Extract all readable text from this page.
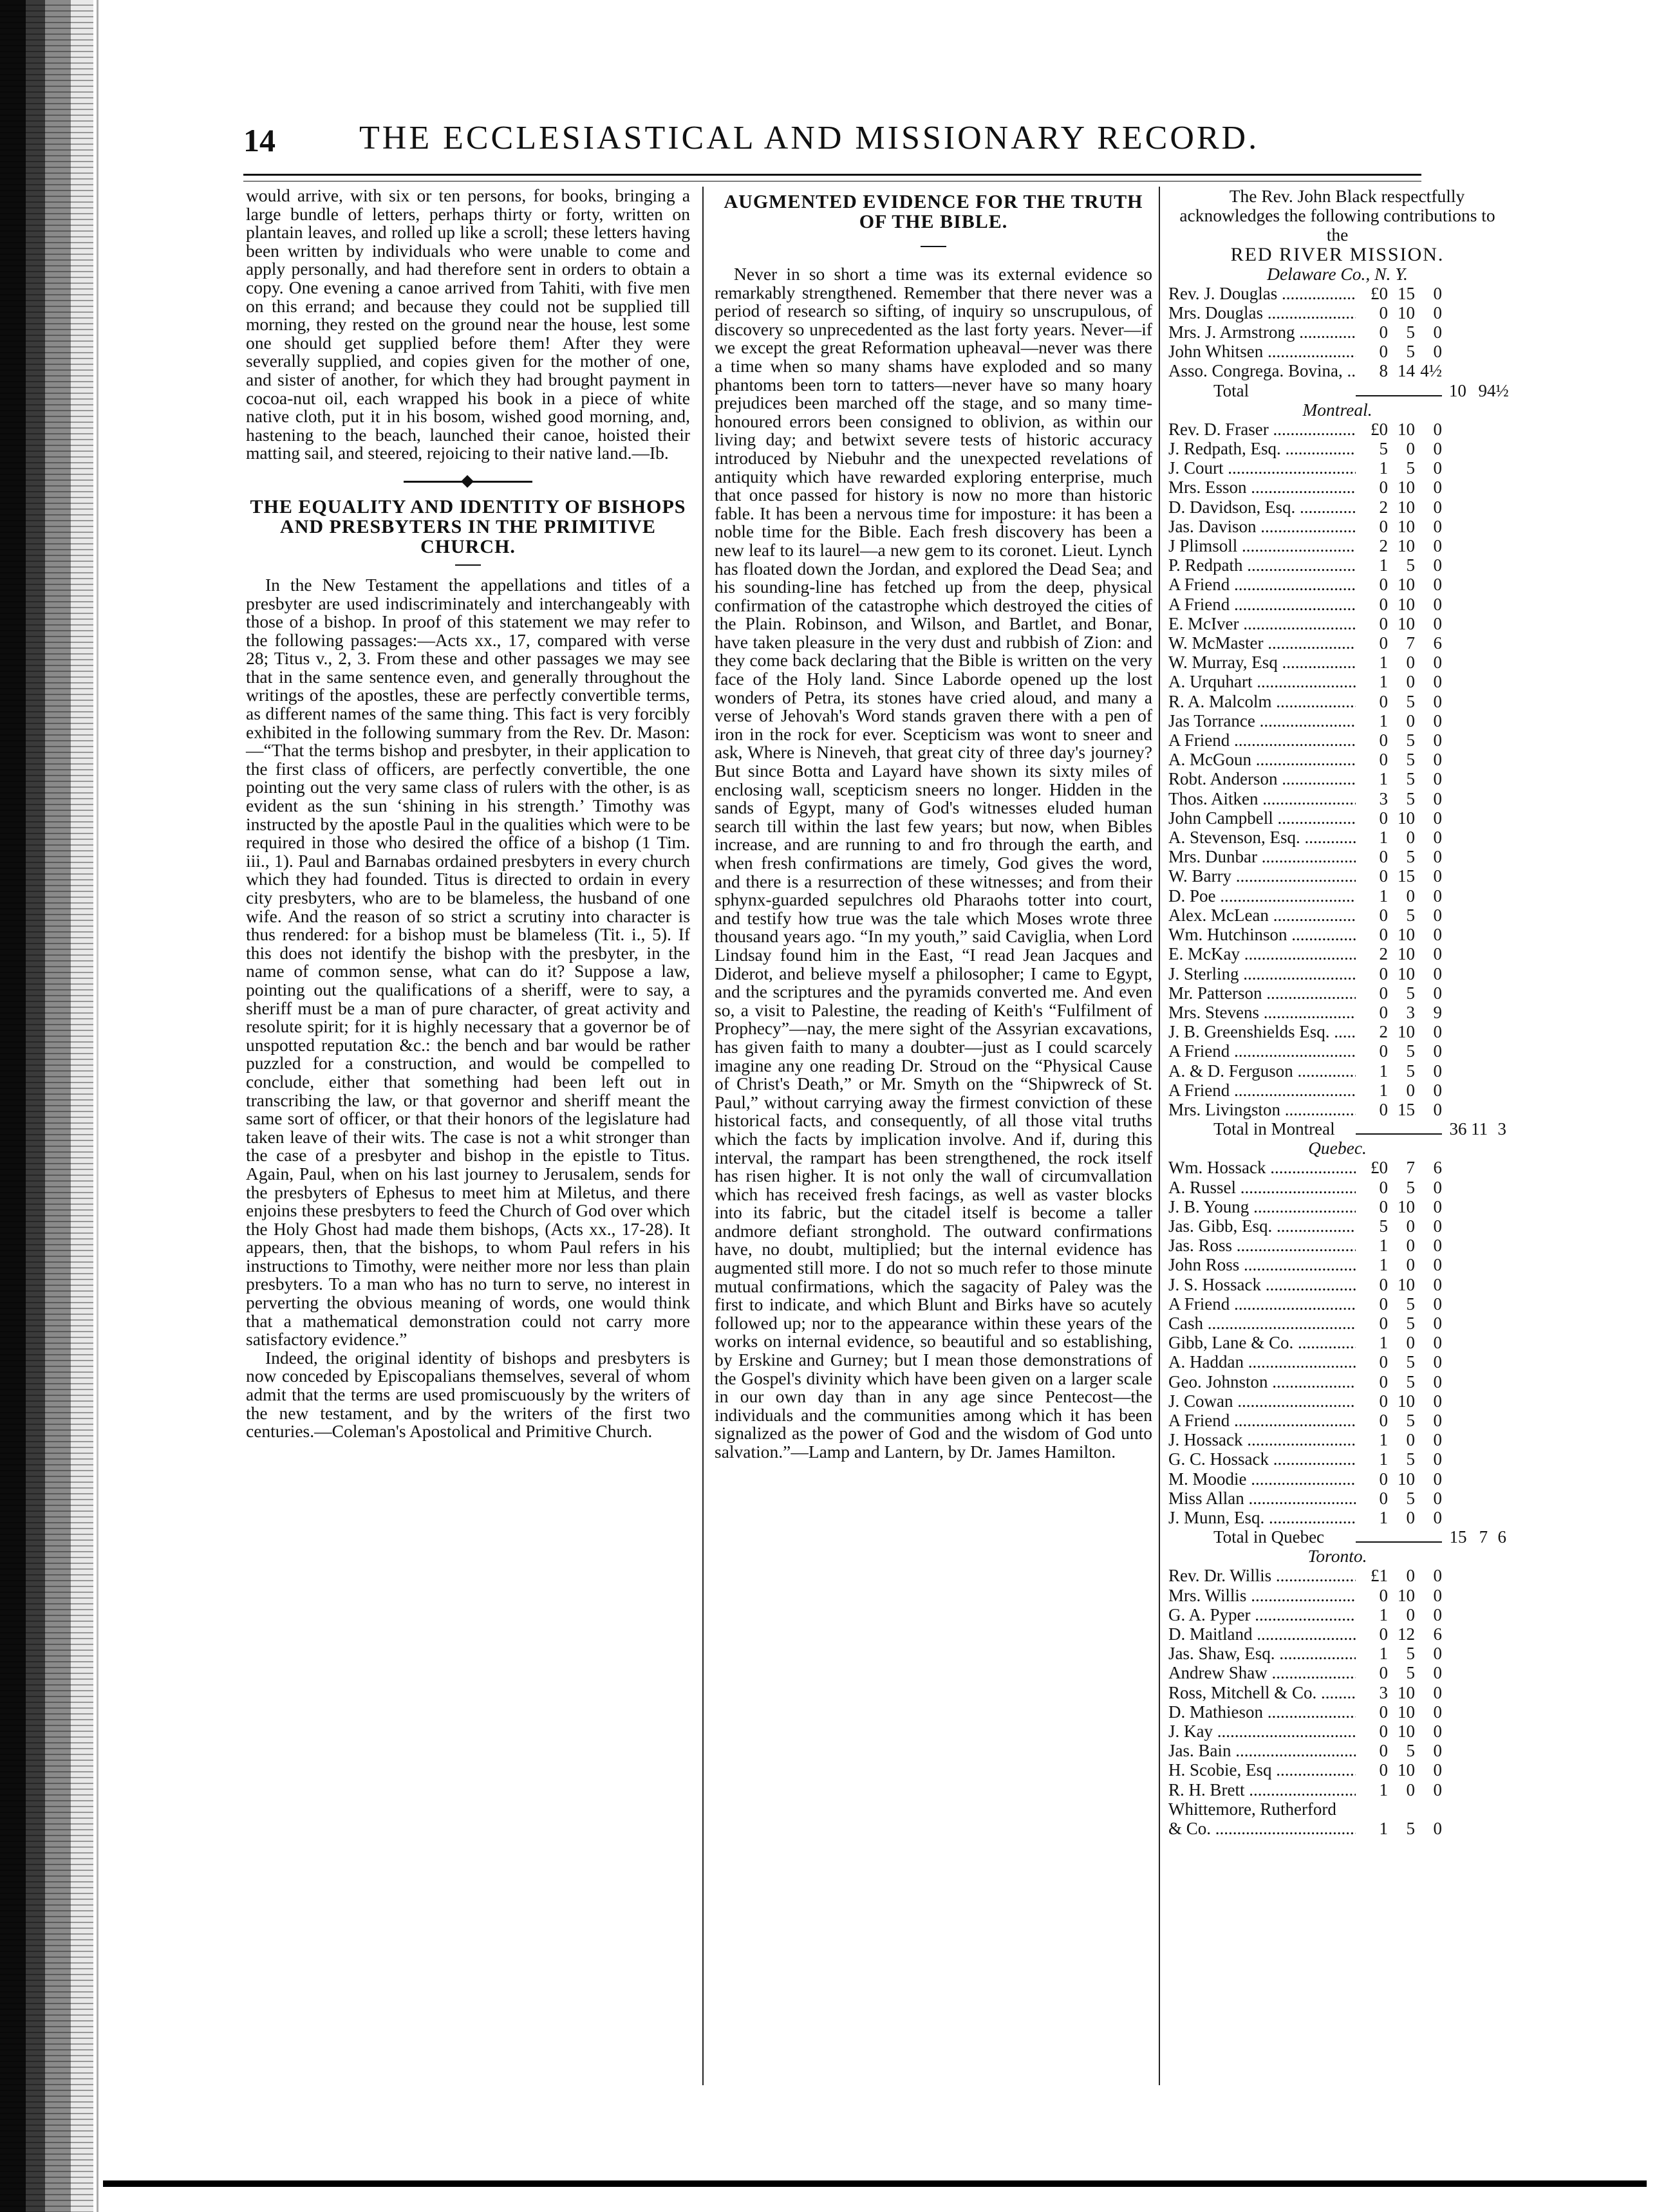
14	THE ECCLESIASTICAL AND MISSIONARY RECORD.

would arrive, with six or ten persons, for books, bringing a large bundle of letters, perhaps thirty or forty, written on plantain leaves, and rolled up like a scroll; these letters having been written by individuals who were unable to come and apply personally, and had therefore sent in orders to obtain a copy. One evening a canoe arrived from Tahiti, with five men on this errand; and because they could not be supplied till morning, they rested on the ground near the house, lest some one should get supplied before them! After they were severally supplied, and copies given for the mother of one, and sister of another, for which they had brought payment in cocoa-nut oil, each wrapped his book in a piece of white native cloth, put it in his bosom, wished good morning, and, hastening to the beach, launched their canoe, hoisted their matting sail, and steered, rejoicing to their native land.—Ib.

THE EQUALITY AND IDENTITY OF BISHOPS AND PRESBYTERS IN THE PRIMITIVE CHURCH.

In the New Testament the appellations and titles of a presbyter are used indiscriminately and interchangeably with those of a bishop. In proof of this statement we may refer to the following passages:—Acts xx., 17, compared with verse 28; Titus v., 2, 3. From these and other passages we may see that in the same sentence even, and generally throughout the writings of the apostles, these are perfectly convertible terms, as different names of the same thing. This fact is very forcibly exhibited in the following summary from the Rev. Dr. Mason:—“That the terms bishop and presbyter, in their application to the first class of officers, are perfectly convertible, the one pointing out the very same class of rulers with the other, is as evident as the sun ‘shining in his strength.’ Timothy was instructed by the apostle Paul in the qualities which were to be required in those who desired the office of a bishop (1 Tim. iii., 1). Paul and Barnabas ordained presbyters in every church which they had founded. Titus is directed to ordain in every city presbyters, who are to be blameless, the husband of one wife. And the reason of so strict a scrutiny into character is thus rendered: for a bishop must be blameless (Tit. i., 5). If this does not identify the bishop with the presbyter, in the name of common sense, what can do it? Suppose a law, pointing out the qualifications of a sheriff, were to say, a sheriff must be a man of pure character, of great activity and resolute spirit; for it is highly necessary that a governor be of unspotted reputation &c.: the bench and bar would be rather puzzled for a construction, and would be compelled to conclude, either that something had been left out in transcribing the law, or that governor and sheriff meant the same sort of officer, or that their honors of the legislature had taken leave of their wits. The case is not a whit stronger than the case of a presbyter and bishop in the epistle to Titus. Again, Paul, when on his last journey to Jerusalem, sends for the presbyters of Ephesus to meet him at Miletus, and there enjoins these presbyters to feed the Church of God over which the Holy Ghost had made them bishops, (Acts xx., 17-28). It appears, then, that the bishops, to whom Paul refers in his instructions to Timothy, were neither more nor less than plain presbyters. To a man who has no turn to serve, no interest in perverting the obvious meaning of words, one would think that a mathematical demonstration could not carry more satisfactory evidence.”

Indeed, the original identity of bishops and presbyters is now conceded by Episcopalians themselves, several of whom admit that the terms are used promiscuously by the writers of the new testament, and by the writers of the first two centuries.—Coleman's Apostolical and Primitive Church.

AUGMENTED EVIDENCE FOR THE TRUTH OF THE BIBLE.

Never in so short a time was its external evidence so remarkably strengthened. Remember that there never was a period of research so sifting, of inquiry so unscrupulous, of discovery so unprecedented as the last forty years. Never—if we except the great Reformation upheaval—never was there a time when so many shams have exploded and so many phantoms been torn to tatters—never have so many hoary prejudices been marched off the stage, and so many time-honoured errors been consigned to oblivion, as within our living day; and betwixt severe tests of historic accuracy introduced by Niebuhr and the unexpected revelations of antiquity which have rewarded exploring enterprise, much that once passed for history is now no more than historic fable. It has been a nervous time for imposture: it has been a noble time for the Bible. Each fresh discovery has been a new leaf to its laurel—a new gem to its coronet. Lieut. Lynch has floated down the Jordan, and explored the Dead Sea; and his sounding-line has fetched up from the deep, physical confirmation of the catastrophe which destroyed the cities of the Plain. Robinson, and Wilson, and Bartlet, and Bonar, have taken pleasure in the very dust and rubbish of Zion: and they come back declaring that the Bible is written on the very face of the Holy land. Since Laborde opened up the lost wonders of Petra, its stones have cried aloud, and many a verse of Jehovah's Word stands graven there with a pen of iron in the rock for ever. Scepticism was wont to sneer and ask, Where is Nineveh, that great city of three day's journey? But since Botta and Layard have shown its sixty miles of enclosing wall, scepticism sneers no longer. Hidden in the sands of Egypt, many of God's witnesses eluded human search till within the last few years; but now, when Bibles increase, and are running to and fro through the earth, and when fresh confirmations are timely, God gives the word, and there is a resurrection of these witnesses; and from their sphynx-guarded sepulchres old Pharaohs totter into court, and testify how true was the tale which Moses wrote three thousand years ago. “In my youth,” said Caviglia, when Lord Lindsay found him in the East, “I read Jean Jacques and Diderot, and believe myself a philosopher; I came to Egypt, and the scriptures and the pyramids converted me. And even so, a visit to Palestine, the reading of Keith's “Fulfilment of Prophecy”—nay, the mere sight of the Assyrian excavations, has given faith to many a doubter—just as I could scarcely imagine any one reading Dr. Stroud on the “Physical Cause of Christ's Death,” or Mr. Smyth on the “Shipwreck of St. Paul,” without carrying away the firmest conviction of these historical facts, and consequently, of all those vital truths which the facts by implication involve. And if, during this interval, the rampart has been strengthened, the rock itself has risen higher. It is not only the wall of circumvallation which has received fresh facings, as well as vaster blocks into its fabric, but the citadel itself is become a taller andmore defiant stronghold. The outward confirmations have, no doubt, multiplied; but the internal evidence has augmented still more. I do not so much refer to those minute mutual confirmations, which the sagacity of Paley was the first to indicate, and which Blunt and Birks have so acutely followed up; nor to the appearance within these years of the works on internal evidence, so beautiful and so establishing, by Erskine and Gurney; but I mean those demonstrations of the Gospel's divinity which have been given on a larger scale in our own day than in any age since Pentecost—the individuals and the communities among which it has been signalized as the power of God and the wisdom of God unto salvation.”—Lamp and Lantern, by Dr. James Hamilton.

The Rev. John Black respectfully acknowledges the following contributions to the

RED RIVER MISSION.
Delaware Co., N. Y.
Rev. J. Douglas .....	£0 15	0
Mrs. Douglas .....	0 10	0
Mrs. J. Armstrong .....	0	5	0
John Whitsen .....	0	5	0
Asso. Congrega. Bovina, .....	8 14 4½
Total	10 9 4½
Montreal.
Rev. D. Fraser .....	£0 10	0
J. Redpath, Esq. .....	5	0	0
J. Court .....	1	5	0
Mrs. Esson .....	0 10	0
D. Davidson, Esq. .....	2 10	0
Jas. Davison .....	0 10	0
J Plimsoll .....	2 10	0
P. Redpath .....	1	5	0
A Friend .....	0 10	0
A Friend .....	0 10	0
E. McIver .....	0 10	0
W. McMaster .....	0	7	6
W. Murray, Esq .....	1	0	0
A. Urquhart .....	1	0	0
R. A. Malcolm .....	0	5	0
Jas Torrance .....	1	0	0
A Friend .....	0	5	0
A. McGoun .....	0	5	0
Robt. Anderson .....	1	5	0
Thos. Aitken .....	3	5	0
John Campbell .....	0 10	0
A. Stevenson, Esq. .....	1	0	0
Mrs. Dunbar .....	0	5	0
W. Barry .....	0 15	0
D. Poe .....	1	0	0
Alex. McLean .....	0	5	0
Wm. Hutchinson .....	0 10	0
E. McKay .....	2 10	0
J. Sterling .....	0 10	0
Mr. Patterson .....	0	5	0
Mrs. Stevens .....	0	3	9
J. B. Greenshields Esq. .....	2 10	0
A Friend .....	0	5	0
A. & D. Ferguson .....	1	5	0
A Friend .....	1	0	0
Mrs. Livingston .....	0 15	0
Total in Montreal	36 11 3
Quebec.
Wm. Hossack .....	£0	7	6
A. Russel .....	0	5	0
J. B. Young .....	0 10	0
Jas. Gibb, Esq. .....	5	0	0
Jas. Ross .....	1	0	0
John Ross .....	1	0	0
J. S. Hossack .....	0 10	0
A Friend .....	0	5	0
Cash .....	0	5	0
Gibb, Lane & Co. .....	1	0	0
A. Haddan .....	0	5	0
Geo. Johnston .....	0	5	0
J. Cowan .....	0 10	0
A Friend .....	0	5	0
J. Hossack .....	1	0	0
G. C. Hossack .....	1	5	0
M. Moodie .....	0 10	0
Miss Allan .....	0	5	0
J. Munn, Esq. .....	1	0	0
Total in Quebec	15 7 6
Toronto.
Rev. Dr. Willis .....	£1	0	0
Mrs. Willis .....	0 10	0
G. A. Pyper .....	1	0	0
D. Maitland .....	0 12	6
Jas. Shaw, Esq. .....	1	5	0
Andrew Shaw .....	0	5	0
Ross, Mitchell & Co. .....	3 10	0
D. Mathieson .....	0 10	0
J. Kay .....	0 10	0
Jas. Bain .....	0	5	0
H. Scobie, Esq .....	0 10	0
R. H. Brett .....	1	0	0
Whittemore, Rutherford
& Co. .....	1	5	0
